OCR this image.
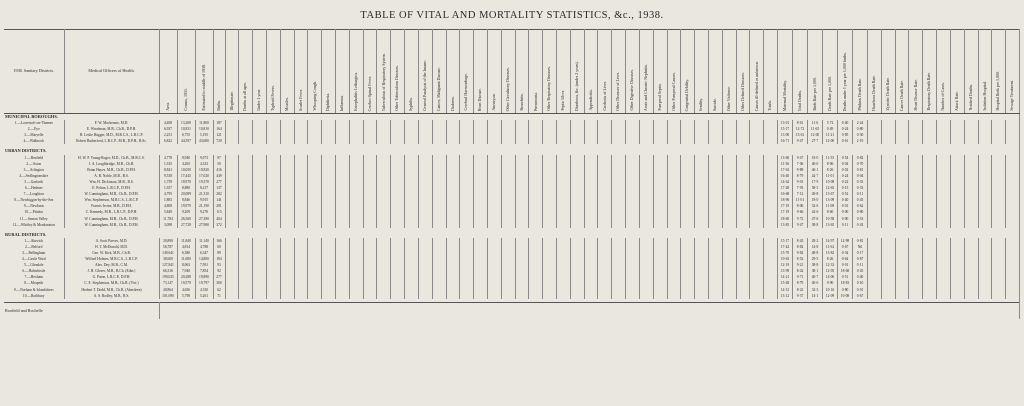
TABLE OF VITAL AND MORTALITY STATISTICS, &c., 1938.
1938. Sanitary Districts.	Medical Officers of Health.	Area.	Census, 1931.	Estimated to middle of 1938.	Births.	Illegitimate.	Deaths at all ages.	Under 1 year.	Typhoid Fevers.	Measles.	Scarlet Fever.	Whooping Cough.	Diphtheria.	Influenza.	Encephalitis Lethargica.	Cerebro-Spinal Fever.	Tuberculosis of Respiratory System.	Other Tuberculous Diseases.	Syphilis.	General Paralysis of the Insane.	Cancer, Malignant Disease.	Diabetes.	Cerebral Haemorrhage.	Heart Disease.	Aneurysm.	Other Circulatory Diseases.	Bronchitis.	Pneumonia.	Other Respiratory Diseases.	Peptic Ulcer.	Diarrhoea, &c. (under 2 years).	Appendicitis.	Cirrhosis of Liver.	Other Diseases of Liver.	Other Digestive Diseases.	Acute and Chronic Nephritis.	Puerperal Sepsis.	Other Puerperal Causes.	Congenital Debility.	Senility.	Suicide.	Other Violence.	Other Defined Diseases.	Causes ill-defined or unknown.	Totals.	Maternal Mortality.	Total Deaths.	Birth Rate per 1,000.	Death Rate per 1,000.	Deaths under 1 year per 1,000 births.	Phthisis Death Rate.	Diarrhoea Death Rate.	Zymotic Death Rate.	Cancer Death Rate.	Heart Disease Rate.	Respiratory Death Rate.	Number of Cases.	Attack Rate.	Notified Deaths.	Isolation Hospital.	Hospital Beds per 1,000.	Sewage Treatment.
MUNICIPAL BOROUGHS.																																																														
1.—Lowestoft-on-Thames	F. W. Mackenzie, M.D.	4,408	13,208	11,800	187																																									13·01	8·61	11·6	5·72	0·40	2·24											
2.—Eye	E. Woodman, M.B., Ch.B., D.P.H.	6,937	10,831	10,810	164																																									15·17	12·72	11·65	0·49	0·24	0·80											
3.—Maryelle	R. Leslie Hagger, M.D., M.R.C.S., L.R.C.P.	2,251	6,755	5,195	121																																									13·00	13·61	12·00	11·21	0·85	0·30											
4.—Walbrook	Robert Rutherford, L.R.C.P., M.B., D.P.H., B.Sc.	6,822	44,597	43,600	720																																									16·71	9·47	27·7	12·00	0·61	2·19											

URBAN DISTRICTS.																																																														
1.—Benfield	H. W. P. Young-Roger, M.D., Ch.B., M.R.C.S.	4,778	8,940	9,073	97																																									13·60	9·47	18·0	11·55	0·54	0·82											
2.—Aston	J. A. Loughbridge, M.B., Ch.B.	1,335	4,265	4,323	50																																									11·56	7·06	40·0	8·06	0·04	0·70											
3.—Arlington	Brian Hayes, M.B., Ch.B., D.P.H.	8,841	10,050	10,820	416																																									17·63	9·88	46·1	8·26	0·02	0·81											
4.—Sedlingtonshire	A. B. Noble, M.B., B.S.	9,538	17,445	17,020	449																																									16·40	8·79	42·7	11·01	0·24	0·04											
5.—Garforth	Wm. H. Dickinson, M.B., B.S.	1,759	18,970	19,370	277																																									14·62	9·01	17·9	10·08	0·22	0·33											
6.—Hedmer	E. Pelton, L.R.C.P., D.P.H.	1,357	8,880	8,217	137																																									17·28	7·93	58·3	12·65	0·15	0·33											
7.—Loughton	W. Cunningham, M.B., Ch.B., D.P.H.	4,795	20,089	21,310	282																																									16·68	7·12	49·8	13·67	0·52	0·11											
8.—Newbiggin-by-the-Sea	Wm. Stephenson, M.R.C.S., L.R.C.P.	1,883	8,846	9,915	141																																									18·96	11·01	18·0	13·09	0·40	0·45											
9.—Newburn	Francis Irvine, M.B., D.P.H.	4,808	19,979	21,190	281																																									17·19	8·06	32·6	11·08	0·01	0·62											
10.—Pittdon	C. Kennedy, M.B., L.R.C.P., D.P.H.	5,849	9,209	9,270	115																																									17·19	9·66	42·6	8·60	0·00	0·80											
11.—Seaton Valley	W. Cunningham, M.B., Ch.B., D.P.H.	11,784	26,560	27,390	404																																									18·60	9·72	47·6	10·58	0·00	0·53											
12.—Whitley & Monkseaton	W. Cunningham, M.B., Ch.B., D.P.H.	3,098	27,729	27,980	372																																									13·85	9·47	38·8	13·65	0·11	0·43											

RURAL DISTRICTS.																																																														
1.—Alnwick	A. Scott Purves, M.D.	30,890	11,840	11,140	166																																									15·17	8·45	28·2	14·97	12·98	0·81											
2.—Belford	H. T. McDonald, M.D.	56,787	4,814	4,788	60																																									17·42	8·82	14·8	11·62	0·67	Nil											
3.—Bellingham	Geo. W. Kirk, M.B., Ch.B.	149,641	6,380	6,347	89																																									15·70	9·82	48·8	13·82	0·34	0·17											
4.—Castle Ward	Wilfred Holmes, M.R.C.S., L.R.C.P.	38,600	11,680	14,800	184																																									19·63	8·52	29·5	8·26	0·64	0·67											
5.—Glendale	Alex. Dey, M.B., C.M.	127,841	8,063	7,591	93																																									12·19	9·21	38·8	12·33	0·01	0·11											
6.—Haltwhistle	J. H. Glover, M.B., B.Ch. (Edin.)	66,316	7,940	7,854	92																																									13·99	8·42	38·1	12·05	18·68	0·45											
7.—Hexham	G. Paton, L.R.C.P., D.P.H.	199,025	20,288	19,890	277																																									14·21	9·71	40·7	14·06	0·51	0·40											
8.—Morpeth	C. E. Stephenson, M.B., Ch.B. (Vict.)	73,147	19,579	19,797	300																																									15·48	8·79	40·6	9·90	18·83	0·10											
9.—Norham & Islandshires	Herbert T. Dodd, M.B., Ch.B. (Aberdeen)	40,864	4,656	4,330	62																																									14·31	8·22	32·3	10·16	0·80	0·01											
10.—Rothbury	A. S. Rodley, M.B., B.S.	101,090	5,798	5,261	71																																									13·12	9·37	14·1	12·09	10·08	0·67											

Roofield and Rochelle																																																														
